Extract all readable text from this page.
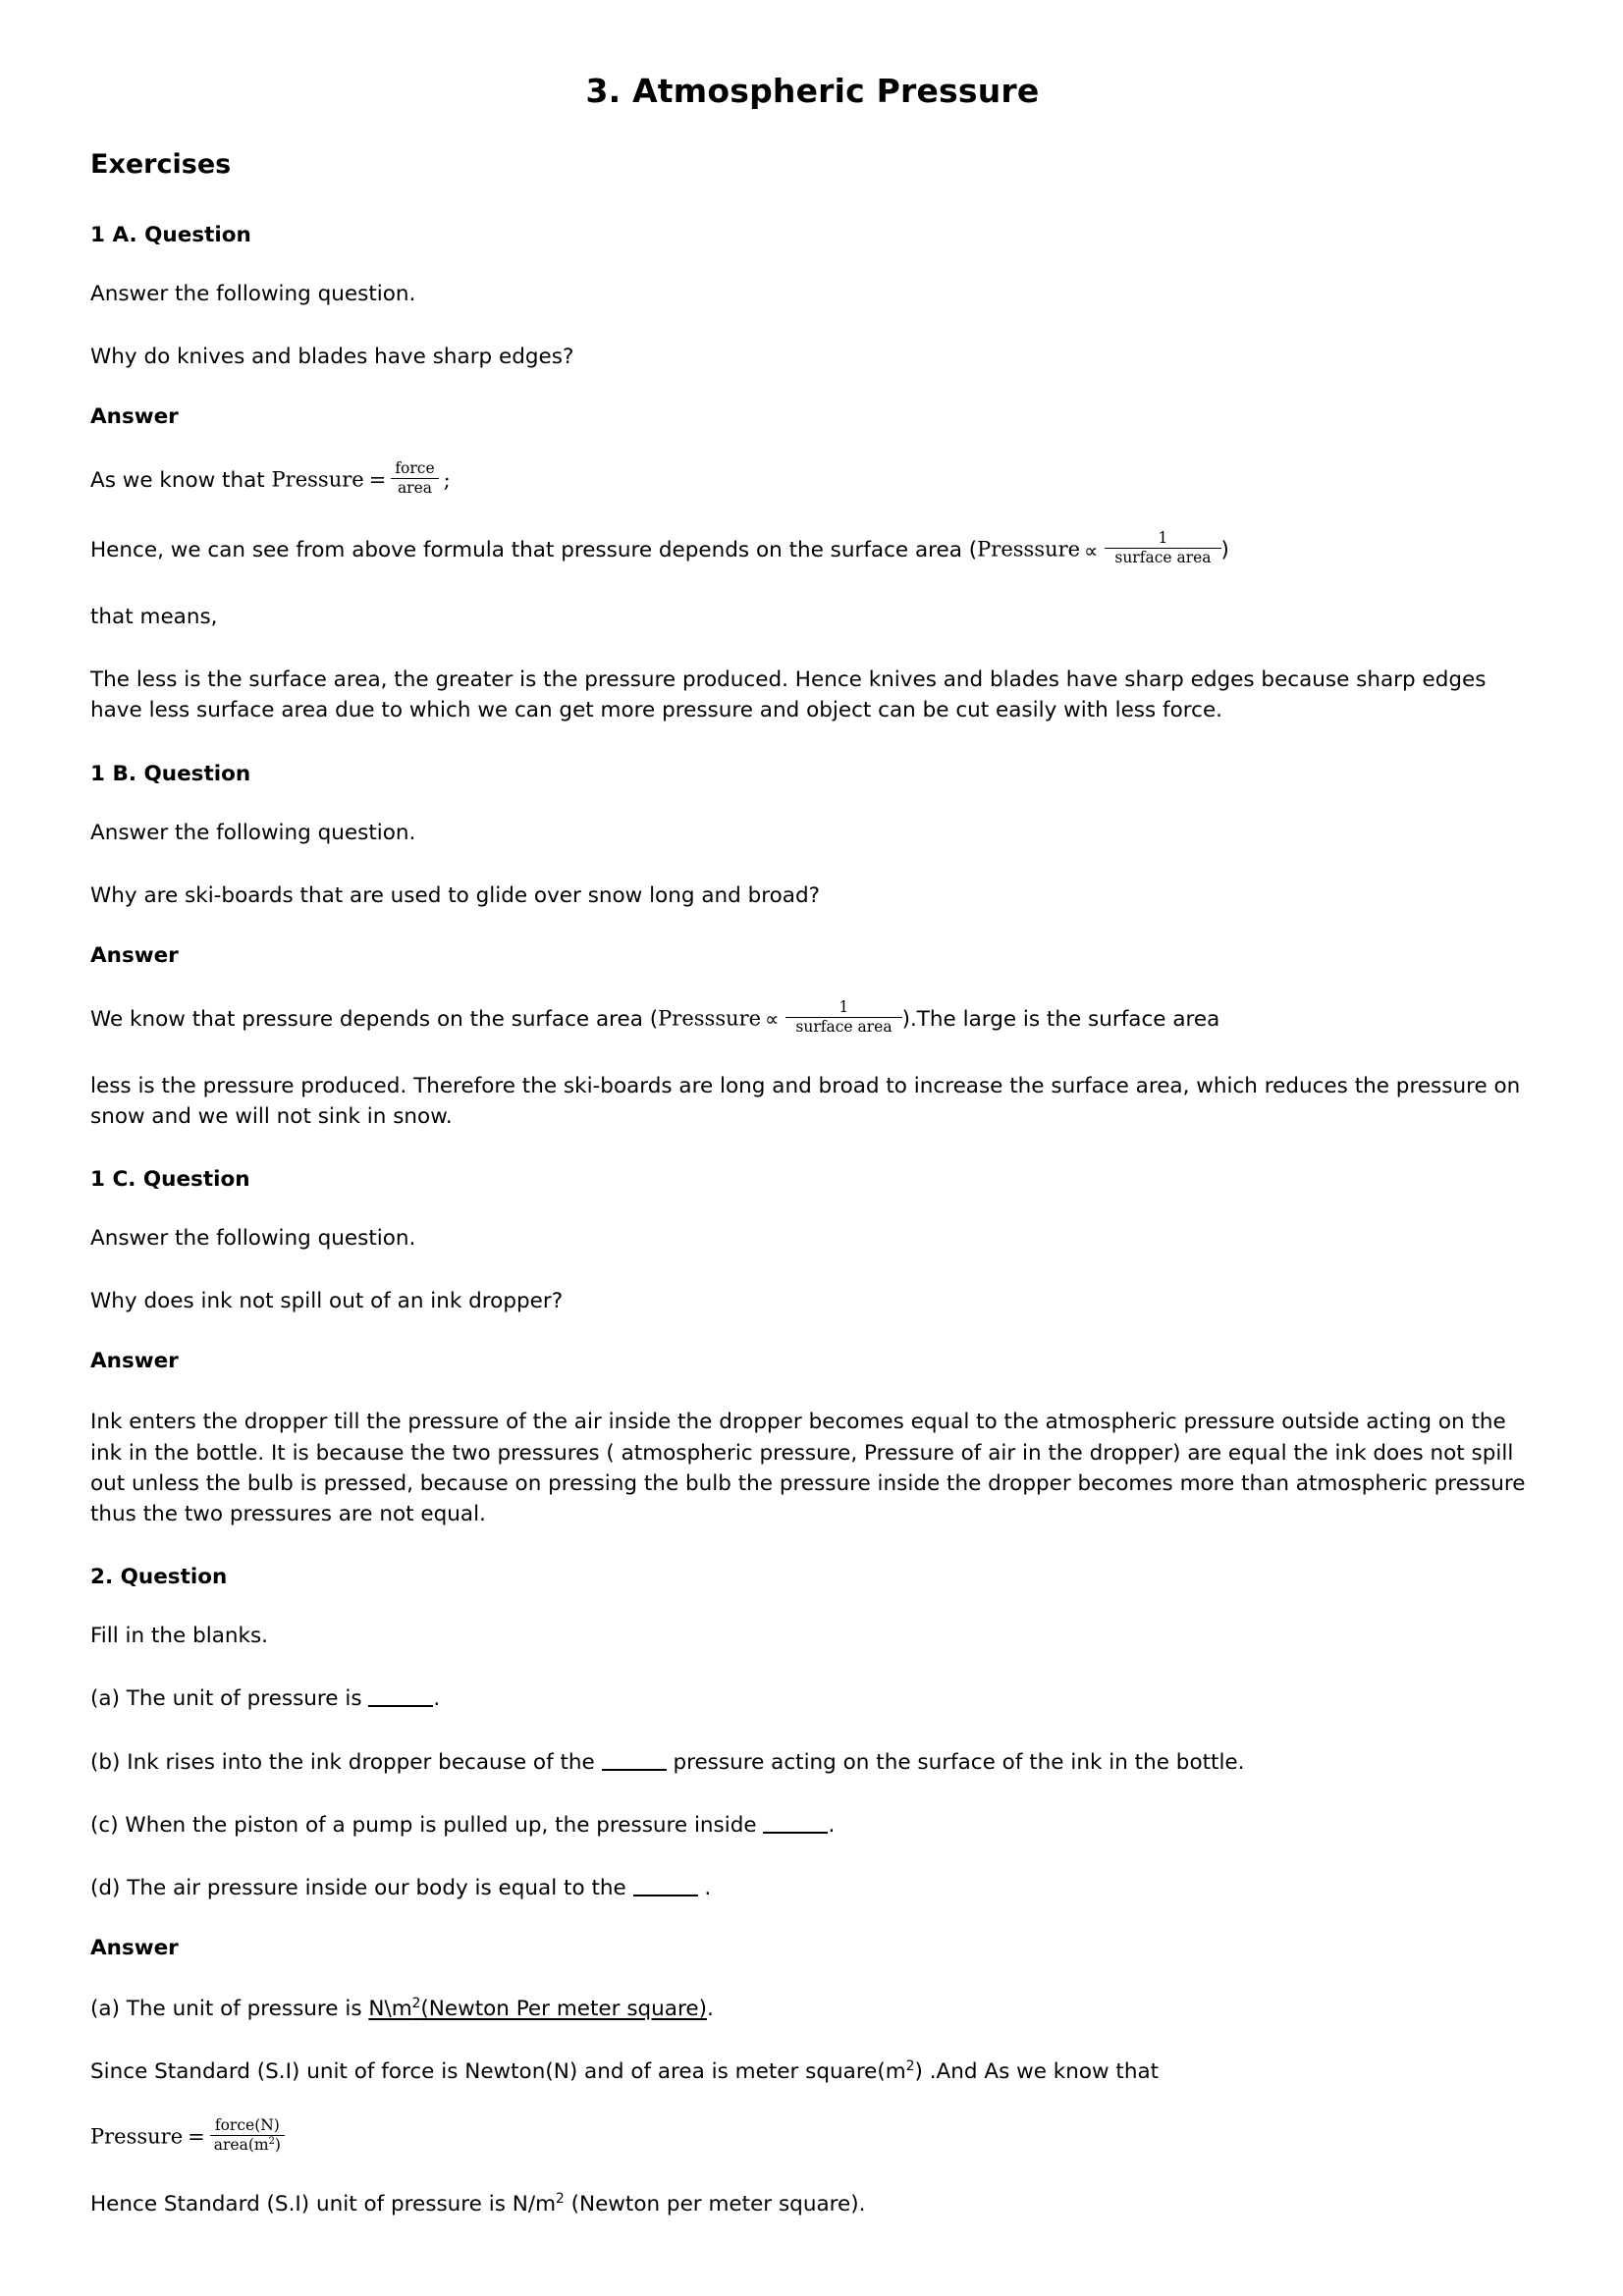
3. Atmospheric Pressure
Exercises
1 A. Question

Answer the following question.

Why do knives and blades have sharp edges?

Answer

As we know that Pressure = $\frac{\text{force}}{\text{area}}$ ;

Hence, we can see from above formula that pressure depends on the surface area (Presssure ∝ $\frac{1}{\text{surface area}}$ )

that means,

The less is the surface area, the greater is the pressure produced. Hence knives and blades have sharp edges because sharp edges have less surface area due to which we can get more pressure and object can be cut easily with less force.

1 B. Question

Answer the following question.

Why are ski-boards that are used to glide over snow long and broad?

Answer

We know that pressure depends on the surface area (Presssure ∝ $\frac{1}{\text{surface area}} ).The$ large is the surface area

less is the pressure produced. Therefore the ski-boards are long and broad to increase the surface area, which reduces the pressure on snow and we will not sink in snow.

1 C. Question

Answer the following question.

Why does ink not spill out of an ink dropper?

Answer

Ink enters the dropper till the pressure of the air inside the dropper becomes equal to the atmospheric pressure outside acting on the ink in the bottle. It is because the two pressures ( atmospheric pressure, Pressure of air in the dropper) are equal the ink does not spill out unless the bulb is pressed, because on pressing the bulb the pressure inside the dropper becomes more than atmospheric pressure thus the two pressures are not equal.

2. Question

Fill in the blanks.

(a) The unit of pressure is	.

(b) Ink rises into the ink dropper because of the	pressure acting on the surface of the ink in the bottle.

(c) When the piston of a pump is pulled up, the pressure inside	.

(d) The air pressure inside our body is equal to the	.

Answer

(a) The unit of pressure is $N\backslash m^2(Newton$ Per meter square).

Since Standard (S.I) unit of force is Newton(N) and of area is meter $square(m^2)$ .And As we know that

Pressure = $\frac{\text{force(N)}}{area(m^2)}$

Hence Standard (S.I) unit of pressure is $N/m^2$ (Newton per meter square).
